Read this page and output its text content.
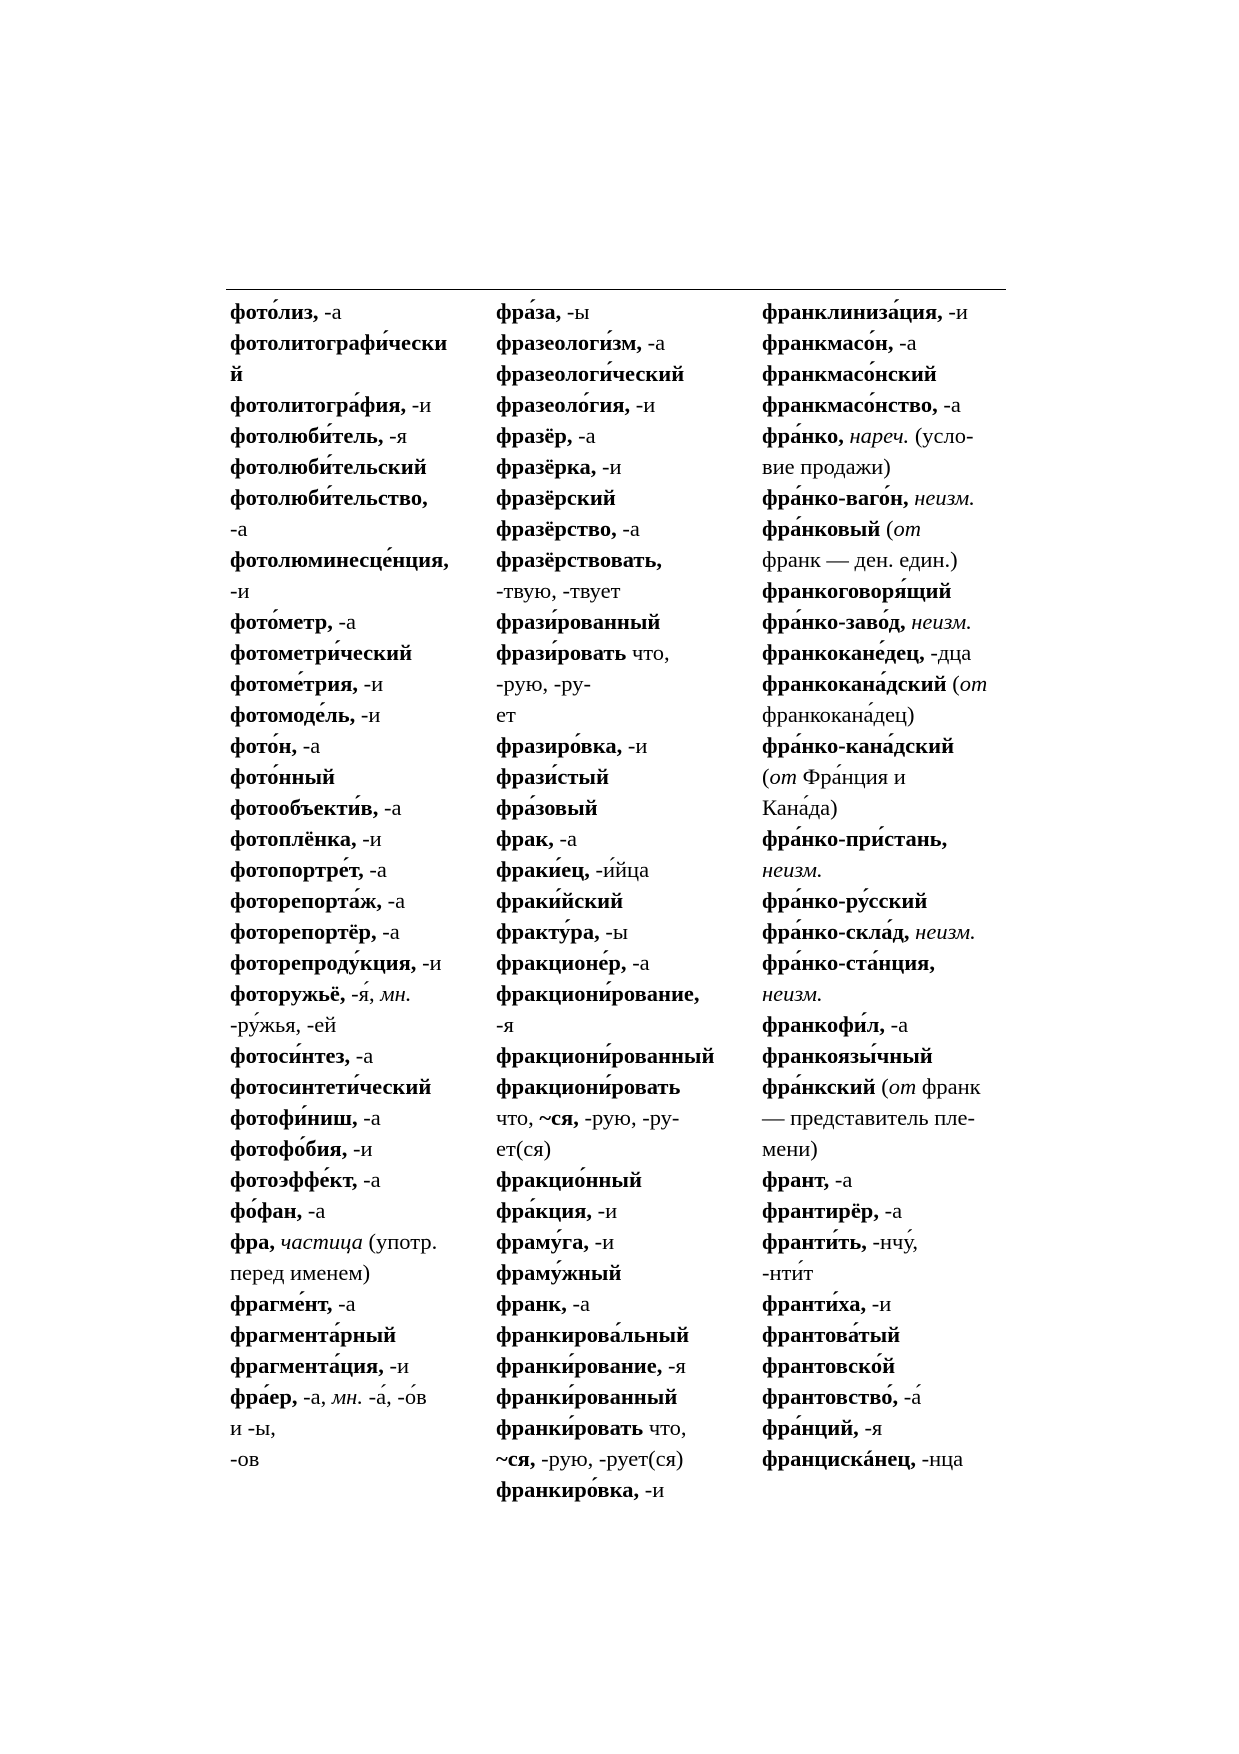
фото́лиз, -а
фотолитографи́чески
й
фотолитогра́фия, -и
фотолюби́тель, -я
фотолюби́тельский
фотолюби́тельство,
-а
фотолюминесце́нция,
-и
фото́метр, -а
фотометри́ческий
фотоме́трия, -и
фотомоде́ль, -и
фото́н, -а
фото́нный
фотообъекти́в, -а
фотоплёнка, -и
фотопортре́т, -а
фоторепорта́ж, -а
фоторепортёр, -а
фоторепроду́кция, -и
фоторужьё, -я́, мн.
-ру́жья, -ей
фотоси́нтез, -а
фотосинтети́ческий
фотофи́ниш, -а
фотофо́бия, -и
фотоэффе́кт, -а
фо́фан, -а
фра, частица (употр.
перед именем)
фрагме́нт, -а
фрагмента́рный
фрагмента́ция, -и
фра́ер, -а, мн. -а́, -о́в
и -ы,
-ов
фра́за, -ы
фразеологи́зм, -а
фразеологи́ческий
фразеоло́гия, -и
фразёр, -а
фразёрка, -и
фразёрский
фразёрство, -а
фразёрствовать,
-твую, -твует
фрази́рованный
фрази́ровать что,
-рую, -ру-
ет
фразиро́вка, -и
фрази́стый
фра́зовый
фрак, -а
фраки́ец, -и́йца
фраки́йский
фракту́ра, -ы
фракционе́р, -а
фракциони́рование,
-я
фракциони́рованный
фракциони́ровать
что, ~ся, -рую, -ру-
ет(ся)
фракцио́нный
фра́кция, -и
фраму́га, -и
фраму́жный
франк, -а
франкирова́льный
франки́рование, -я
франки́рованный
франки́ровать что,
~ся, -рую, -рует(ся)
франкиро́вка, -и
франклиниза́ция, -и
франкмасо́н, -а
франкмасо́нский
франкмасо́нство, -а
фра́нко, нареч. (усло-
вие продажи)
фра́нко-ваго́н, неизм.
фра́нковый (от
франк — ден. един.)
франкоговоря́щий
фра́нко-заво́д, неизм.
франкокане́дец, -дца
франкокана́дский (от
франкокана́дец)
фра́нко-кана́дский
(от Фра́нция и
Кана́да)
фра́нко-при́стань,
неизм.
фра́нко-ру́сский
фра́нко-скла́д, неизм.
фра́нко-ста́нция,
неизм.
франкофи́л, -а
франкоязы́чный
фра́нкский (от франк
— представитель пле-
мени)
франт, -а
франтирёр, -а
франти́ть, -нчу́,
-нти́т
франти́ха, -и
франтова́тый
франтовско́й
франтовство́, -а́
фра́нций, -я
францискáнец, -нца
